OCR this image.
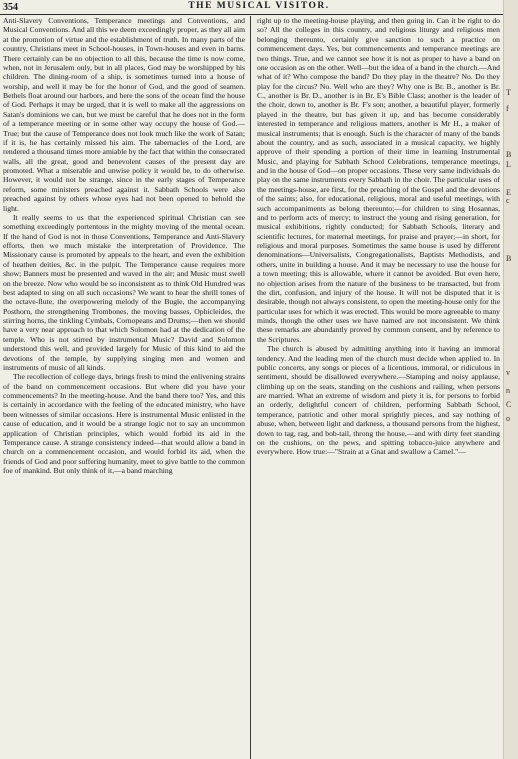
354	THE MUSICAL VISITOR.

Anti-Slavery Conventions, Temperance meetings and Conventions, and Musical Conventions. And all this we deem exceedingly proper, as they all aim at the promotion of virtue and the establishment of truth. In many parts of the country, Christians meet in School-houses, in Town-houses and even in barns. There certainly can be no objection to all this, because the time is now come, when, not in Jerusalem only, but in all places, God may be worshipped by his children. The dining-room of a ship, is sometimes turned into a house of worship, and well it may be for the honor of God, and the good of seamen. Bethels float around our harbors, and here the sons of the ocean find the house of God. Perhaps it may be urged, that it is well to make all the aggressions on Satan's dominions we can, but we must be careful that he does not in the form of a temperance meeting or in some other way occupy the house of God.—True; but the cause of Temperance does not look much like the work of Satan; if it is, he has certainly missed his aim. The tabernacles of the Lord, are rendered a thousand times more amiable by the fact that within the consecrated walls, all the great, good and benevolent causes of the present day are promoted. What a miserable and unwise policy it would be, to do otherwise. However, it would not be strange, since in the early stages of Temperance reform, some ministers preached against it. Sabbath Schools were also preached against by others whose eyes had not been opened to behold the light.

It really seems to us that the experienced spiritual Christian can see something exceedingly portentous in the mighty moving of the mental ocean. If the hand of God is not in those Conventions, Temperance and Anti-Slavery efforts, then we much mistake the interpretation of Providence. The Missionary cause is promoted by appeals to the heart, and even the exhibition of heathen deities, &c. in the pulpit. The Temperance cause requires more show; Banners must be presented and waved in the air; and Music must swell on the breeze. Now who would be so inconsistent as to think Old Hundred was best adapted to sing on all such occasions? We want to hear the shrill tones of the octave-flute, the overpowering melody of the Bugle, the accompanying Posthorn, the strengthening Trombones, the moving basses, Ophicleides, the stirring horns, the tinkling Cymbals, Cornopeans and Drums;—then we should have a very near approach to that which Solomon had at the dedication of the temple. Who is not stirred by instrumental Music? David and Solomon understood this well, and provided largely for Music of this kind to aid the devotions of the temple, by supplying singing men and women and instruments of music of all kinds.

The recollection of college days, brings fresh to mind the enlivening strains of the band on commencement occasions. But where did you have your commencements? In the meeting-house. And the band there too? Yes, and this is certainly in accordance with the feeling of the educated ministry, who have been witnesses of similar occasions. Here is instrumental Music enlisted in the cause of education, and it would be a strange logic not to say an uncommon application of Christian principles, which would forbid its aid in the Temperance cause. A strange consistency indeed—that would allow a band in church on a commencement occasion, and would forbid its aid, when the friends of God and poor suffering humanity, meet to give battle to the common foe of mankind. But only think of it,—a band marching

right up to the meeting-house playing, and then going in. Can it be right to do so? All the colleges in this country, and religious liturgy and religious men belonging thereunto, certainly give sanction to such a practice on commencement days. Yes, but commencements and temperance meetings are two things. True, and we cannot see how it is not as proper to have a band on one occasion as on the other. Well—but the idea of a band in the church.—And what of it? Who compose the band? Do they play in the theatre? No. Do they play for the circus? No. Well who are they? Why one is Br. B., another is Br. C., another is Br. D., another is in Br. E's Bible Class; another is the leader of the choir, down to, another is Br. F's son; another, a beautiful player, formerly played in the theatre, but has given it up, and has become considerably interested in temperance and religious matters, another is Mr H., a maker of musical instruments; that is enough. Such is the character of many of the bands about the country, and as such, associated in a musical capacity, we highly approve of their spending a portion of their time in learning Instrumental Music, and playing for Sabbath School Celebrations, temperance meetings, and in the house of God—on proper occasions. These very same individuals do play on the same instruments every Sabbath in the choir. The particular uses of the meetings-house, are first, for the preaching of the Gospel and the devotions of the saints; also, for educational, religious, moral and useful meetings, with such accompaniments as belong thereunto;—for children to sing Hosannas, and to perform acts of mercy; to instruct the young and rising generation, for musical exhibitions, rightly conducted; for Sabbath Schools, literary and scientific lectures, for maternal meetings, for praise and prayer;—in short, for religious and moral purposes. Sometimes the same house is used by different denominations—Universalists, Congregationalists, Baptists Methodists, and others, unite in building a house. And it may be necessary to use the house for a town meeting; this is allowable, where it cannot be avoided. But even here, no objection arises from the nature of the business to be transacted, but from the dirt, confusion, and injury of the house. It will not be disputed that it is desirable, though not always consistent, to open the meeting-house only for the particular uses for which it was erected. This would be more agreeable to many minds, though the other uses we have named are not inconsistent. We think these remarks are abundantly proved by common consent, and by reference to the Scriptures.

The church is abused by admitting anything into it having an immoral tendency. And the leading men of the church must decide when applied to. In public concerts, any songs or pieces of a licentious, immoral, or ridiculous in sentiment, should be disallowed everywhere.—Stamping and noisy applause, climbing up on the seats, standing on the cushions and railing, when persons are married. What an extreme of wisdom and piety it is, for persons to forbid an orderly, delightful concert of children, performing Sabbath School, temperance, patriotic and other moral sprightly pieces, and say nothing of abuse, when, between light and darkness, a thousand persons from the highest, down to tag, rag, and bob-tail, throng the house,—and with dirty feet standing on the cushions, on the pews, and spitting tobacco-juice anywhere and everywhere. How true:—"Strain at a Gnat and swallow a Camel."—

T
f
B
L
E
c
B
v
n
C
o
